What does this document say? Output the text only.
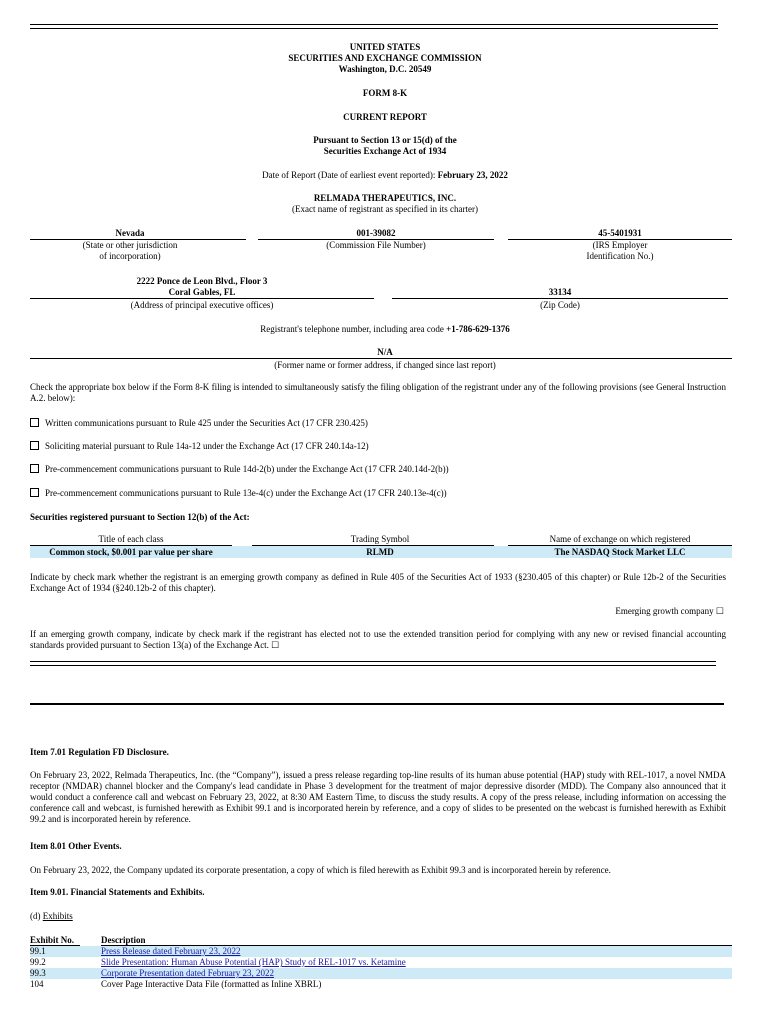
UNITED STATES
SECURITIES AND EXCHANGE COMMISSION
Washington, D.C. 20549
FORM 8-K
CURRENT REPORT
Pursuant to Section 13 or 15(d) of the
Securities Exchange Act of 1934
Date of Report (Date of earliest event reported): February 23, 2022
RELMADA THERAPEUTICS, INC.
(Exact name of registrant as specified in its charter)
Nevada
(State or other jurisdiction
of incorporation)
001-39082
(Commission File Number)
45-5401931
(IRS Employer
Identification No.)
2222 Ponce de Leon Blvd., Floor 3
Coral Gables, FL
(Address of principal executive offices)
33134
(Zip Code)
Registrant's telephone number, including area code +1-786-629-1376
N/A
(Former name or former address, if changed since last report)
Check the appropriate box below if the Form 8-K filing is intended to simultaneously satisfy the filing obligation of the registrant under any of the following provisions (see General Instruction A.2. below):
Written communications pursuant to Rule 425 under the Securities Act (17 CFR 230.425)
Soliciting material pursuant to Rule 14a-12 under the Exchange Act (17 CFR 240.14a-12)
Pre-commencement communications pursuant to Rule 14d-2(b) under the Exchange Act (17 CFR 240.14d-2(b))
Pre-commencement communications pursuant to Rule 13e-4(c) under the Exchange Act (17 CFR 240.13e-4(c))
Securities registered pursuant to Section 12(b) of the Act:
Title of each class	Trading Symbol	Name of exchange on which registered
Common stock, $0.001 par value per share	RLMD	The NASDAQ Stock Market LLC
Indicate by check mark whether the registrant is an emerging growth company as defined in Rule 405 of the Securities Act of 1933 (§230.405 of this chapter) or Rule 12b-2 of the Securities Exchange Act of 1934 (§240.12b-2 of this chapter).
Emerging growth company ☐
If an emerging growth company, indicate by check mark if the registrant has elected not to use the extended transition period for complying with any new or revised financial accounting standards provided pursuant to Section 13(a) of the Exchange Act. ☐
Item 7.01 Regulation FD Disclosure.
On February 23, 2022, Relmada Therapeutics, Inc. (the “Company”), issued a press release regarding top-line results of its human abuse potential (HAP) study with REL-1017, a novel NMDA receptor (NMDAR) channel blocker and the Company's lead candidate in Phase 3 development for the treatment of major depressive disorder (MDD). The Company also announced that it would conduct a conference call and webcast on February 23, 2022, at 8:30 AM Eastern Time, to discuss the study results. A copy of the press release, including information on accessing the conference call and webcast, is furnished herewith as Exhibit 99.1 and is incorporated herein by reference, and a copy of slides to be presented on the webcast is furnished herewith as Exhibit 99.2 and is incorporated herein by reference.
Item 8.01 Other Events.
On February 23, 2022, the Company updated its corporate presentation, a copy of which is filed herewith as Exhibit 99.3 and is incorporated herein by reference.
Item 9.01. Financial Statements and Exhibits.
(d) Exhibits
Exhibit No.	Description
99.1	Press Release dated February 23, 2022
99.2	Slide Presentation: Human Abuse Potential (HAP) Study of REL-1017 vs. Ketamine
99.3	Corporate Presentation dated February 23, 2022
104	Cover Page Interactive Data File (formatted as Inline XBRL)
